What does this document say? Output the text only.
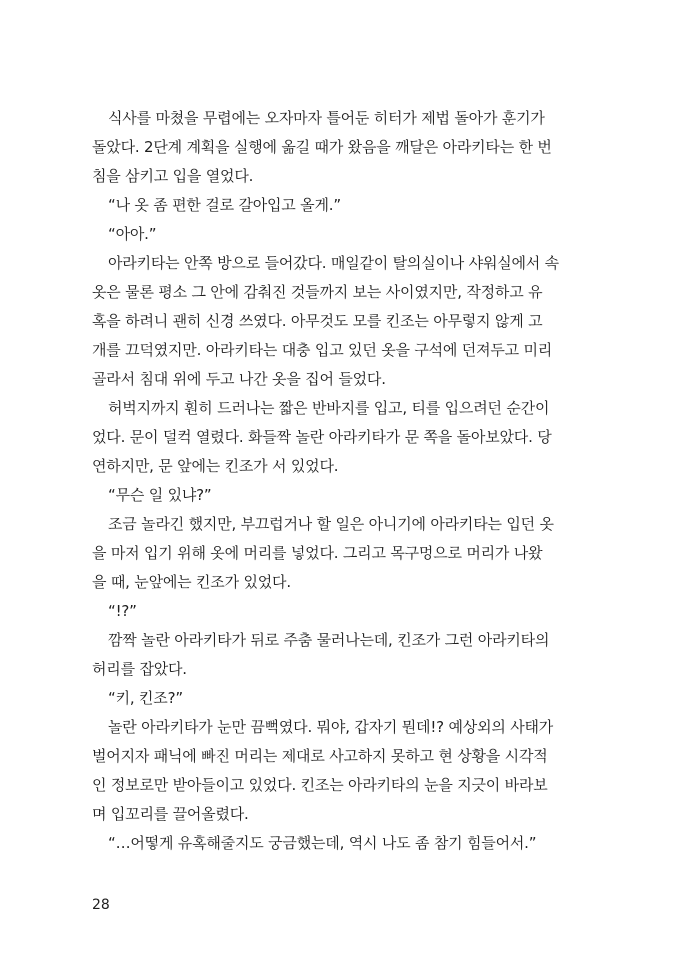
식사를 마쳤을 무렵에는 오자마자 틀어둔 히터가 제법 돌아가 훈기가
돌았다. 2단계 계획을 실행에 옮길 때가 왔음을 깨달은 아라키타는 한 번
침을 삼키고 입을 열었다.
“나 옷 좀 편한 걸로 갈아입고 올게.”
“아아.”
아라키타는 안쪽 방으로 들어갔다. 매일같이 탈의실이나 샤워실에서 속
옷은 물론 평소 그 안에 감춰진 것들까지 보는 사이였지만, 작정하고 유
혹을 하려니 괜히 신경 쓰였다. 아무것도 모를 킨조는 아무렇지 않게 고
개를 끄덕였지만. 아라키타는 대충 입고 있던 옷을 구석에 던져두고 미리
골라서 침대 위에 두고 나간 옷을 집어 들었다.
허벅지까지 훤히 드러나는 짧은 반바지를 입고, 티를 입으려던 순간이
었다. 문이 덜컥 열렸다. 화들짝 놀란 아라키타가 문 쪽을 돌아보았다. 당
연하지만, 문 앞에는 킨조가 서 있었다.
“무슨 일 있냐?”
조금 놀라긴 했지만, 부끄럽거나 할 일은 아니기에 아라키타는 입던 옷
을 마저 입기 위해 옷에 머리를 넣었다. 그리고 목구멍으로 머리가 나왔
을 때, 눈앞에는 킨조가 있었다.
“!?”
깜짝 놀란 아라키타가 뒤로 주춤 물러나는데, 킨조가 그런 아라키타의
허리를 잡았다.
“키, 킨조?”
놀란 아라키타가 눈만 끔뻑였다. 뭐야, 갑자기 뭔데!? 예상외의 사태가
벌어지자 패닉에 빠진 머리는 제대로 사고하지 못하고 현 상황을 시각적
인 정보로만 받아들이고 있었다. 킨조는 아라키타의 눈을 지긋이 바라보
며 입꼬리를 끌어올렸다.
“…어떻게 유혹해줄지도 궁금했는데, 역시 나도 좀 참기 힘들어서.”
28
